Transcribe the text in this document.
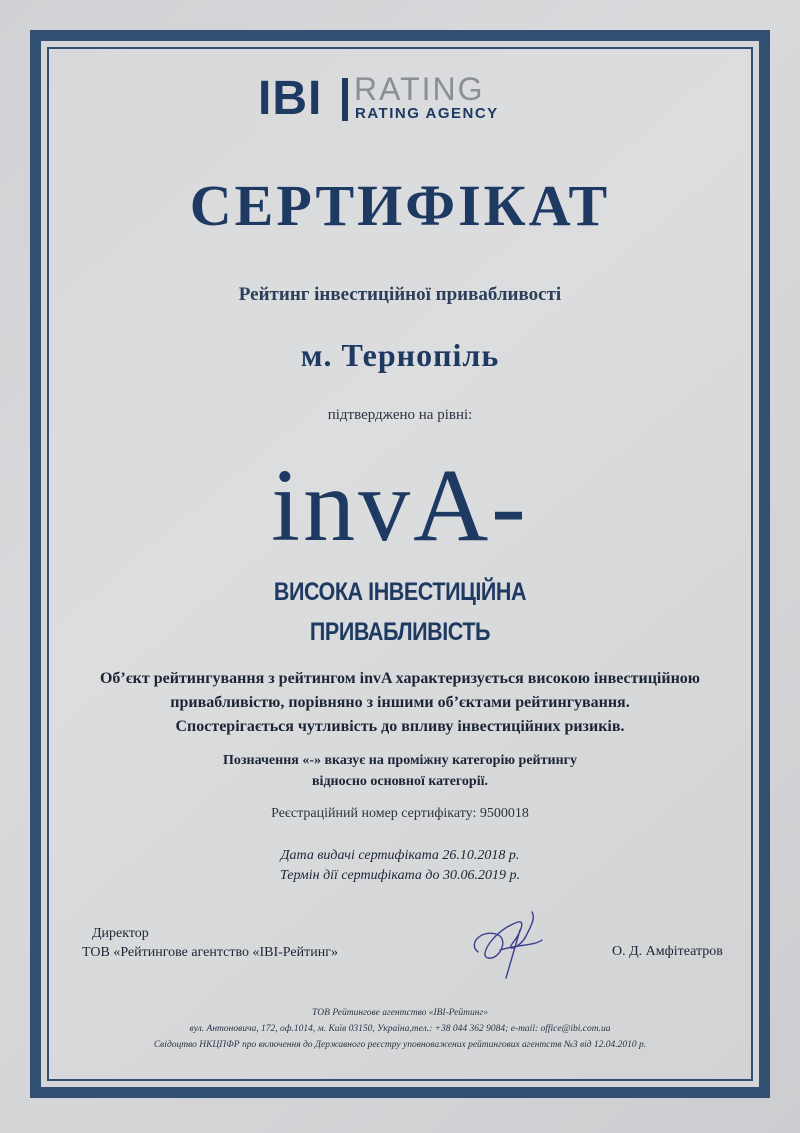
IBI RATING
RATING AGENCY
СЕРТИФІКАТ
Рейтинг інвестиційної привабливості
м. Тернопіль
підтверджено на рівні:
invA-
ВИСОКА ІНВЕСТИЦІЙНА
ПРИВАБЛИВІСТЬ
Об’єкт рейтингування з рейтингом invA характеризується високою інвестиційною
привабливістю, порівняно з іншими об’єктами рейтингування.
Спостерігається чутливість до впливу інвестиційних ризиків.
Позначення «-» вказує на проміжну категорію рейтингу
відносно основної категорії.
Реєстраційний номер сертифікату: 9500018
Дата видачі сертифіката 26.10.2018 р.
Термін дії сертифіката до 30.06.2019 р.
Директор
ТОВ «Рейтингове агентство «IBI-Рейтинг»	О. Д. Амфітеатров
ТОВ Рейтингове агентство «IBI-Рейтинг»
вул. Антоновича, 172, оф.1014, м. Київ 03150, Україна,тел.: +38 044 362 9084; e-mail: office@ibi.com.ua
Свідоцтво НКЦПФР про включення до Державного реєстру уповноважених рейтингових агентств №3 від 12.04.2010 р.
